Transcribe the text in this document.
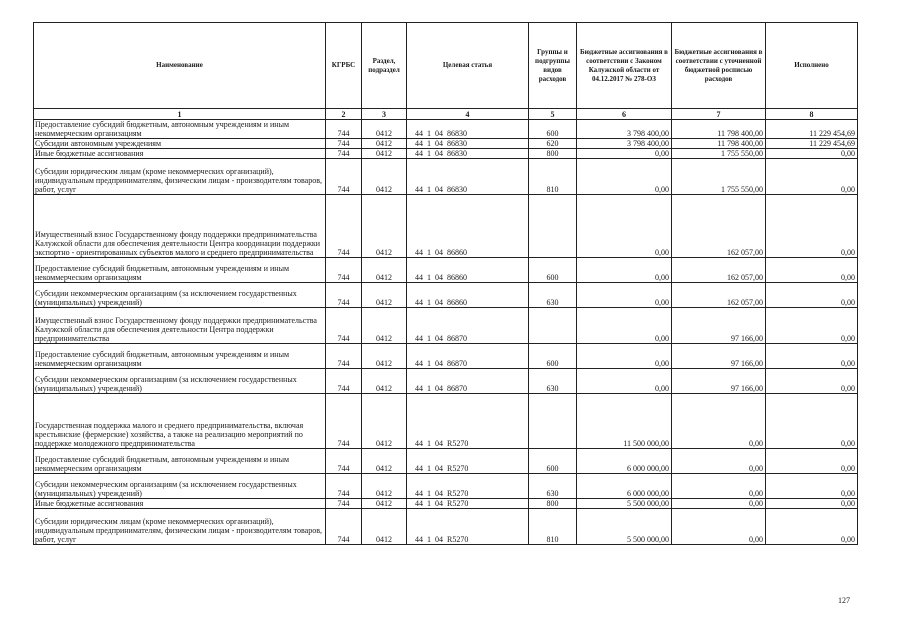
Наименование	КГРБС	Раздел, подраздел	Целевая статья	Группы и подгруппы видов расходов	Бюджетные ассигнования в соответствии с Законом Калужской области от 04.12.2017 № 278-ОЗ	Бюджетные ассигнования в соответствии с уточненной бюджетной росписью расходов	Исполнено
1	2	3	4	5	6	7	8
Предоставление субсидий бюджетным, автономным учреждениям и иным некоммерческим организациям	744	0412	44  1  04  86830	600	3 798 400,00	11 798 400,00	11 229 454,69
Субсидии автономным учреждениям	744	0412	44  1  04  86830	620	3 798 400,00	11 798 400,00	11 229 454,69
Иные бюджетные ассигнования	744	0412	44  1  04  86830	800	0,00	1 755 550,00	0,00
Субсидии юридическим лицам (кроме некоммерческих организаций), индивидуальным предпринимателям, физическим лицам - производителям товаров, работ, услуг	744	0412	44  1  04  86830	810	0,00	1 755 550,00	0,00
Имущественный взнос Государственному фонду поддержки предпринимательства Калужской области для обеспечения деятельности Центра координации поддержки экспортно - ориентированных субъектов малого и среднего предпринимательства	744	0412	44  1  04  86860		0,00	162 057,00	0,00
Предоставление субсидий бюджетным, автономным учреждениям и иным некоммерческим организациям	744	0412	44  1  04  86860	600	0,00	162 057,00	0,00
Субсидии некоммерческим организациям (за исключением государственных (муниципальных) учреждений)	744	0412	44  1  04  86860	630	0,00	162 057,00	0,00
Имущественный взнос Государственному фонду поддержки предпринимательства Калужской области для обеспечения деятельности Центра поддержки предпринимательства	744	0412	44  1  04  86870		0,00	97 166,00	0,00
Предоставление субсидий бюджетным, автономным учреждениям и иным некоммерческим организациям	744	0412	44  1  04  86870	600	0,00	97 166,00	0,00
Субсидии некоммерческим организациям (за исключением государственных (муниципальных) учреждений)	744	0412	44  1  04  86870	630	0,00	97 166,00	0,00
Государственная поддержка малого и среднего предпринимательства, включая крестьянские (фермерские) хозяйства, а также на реализацию мероприятий по поддержке молодежного предпринимательства	744	0412	44  1  04  R5270		11 500 000,00	0,00	0,00
Предоставление субсидий бюджетным, автономным учреждениям и иным некоммерческим организациям	744	0412	44  1  04  R5270	600	6 000 000,00	0,00	0,00
Субсидии некоммерческим организациям (за исключением государственных (муниципальных) учреждений)	744	0412	44  1  04  R5270	630	6 000 000,00	0,00	0,00
Иные бюджетные ассигнования	744	0412	44  1  04  R5270	800	5 500 000,00	0,00	0,00
Субсидии юридическим лицам (кроме некоммерческих организаций), индивидуальным предпринимателям, физическим лицам - производителям товаров, работ, услуг	744	0412	44  1  04  R5270	810	5 500 000,00	0,00	0,00
127
